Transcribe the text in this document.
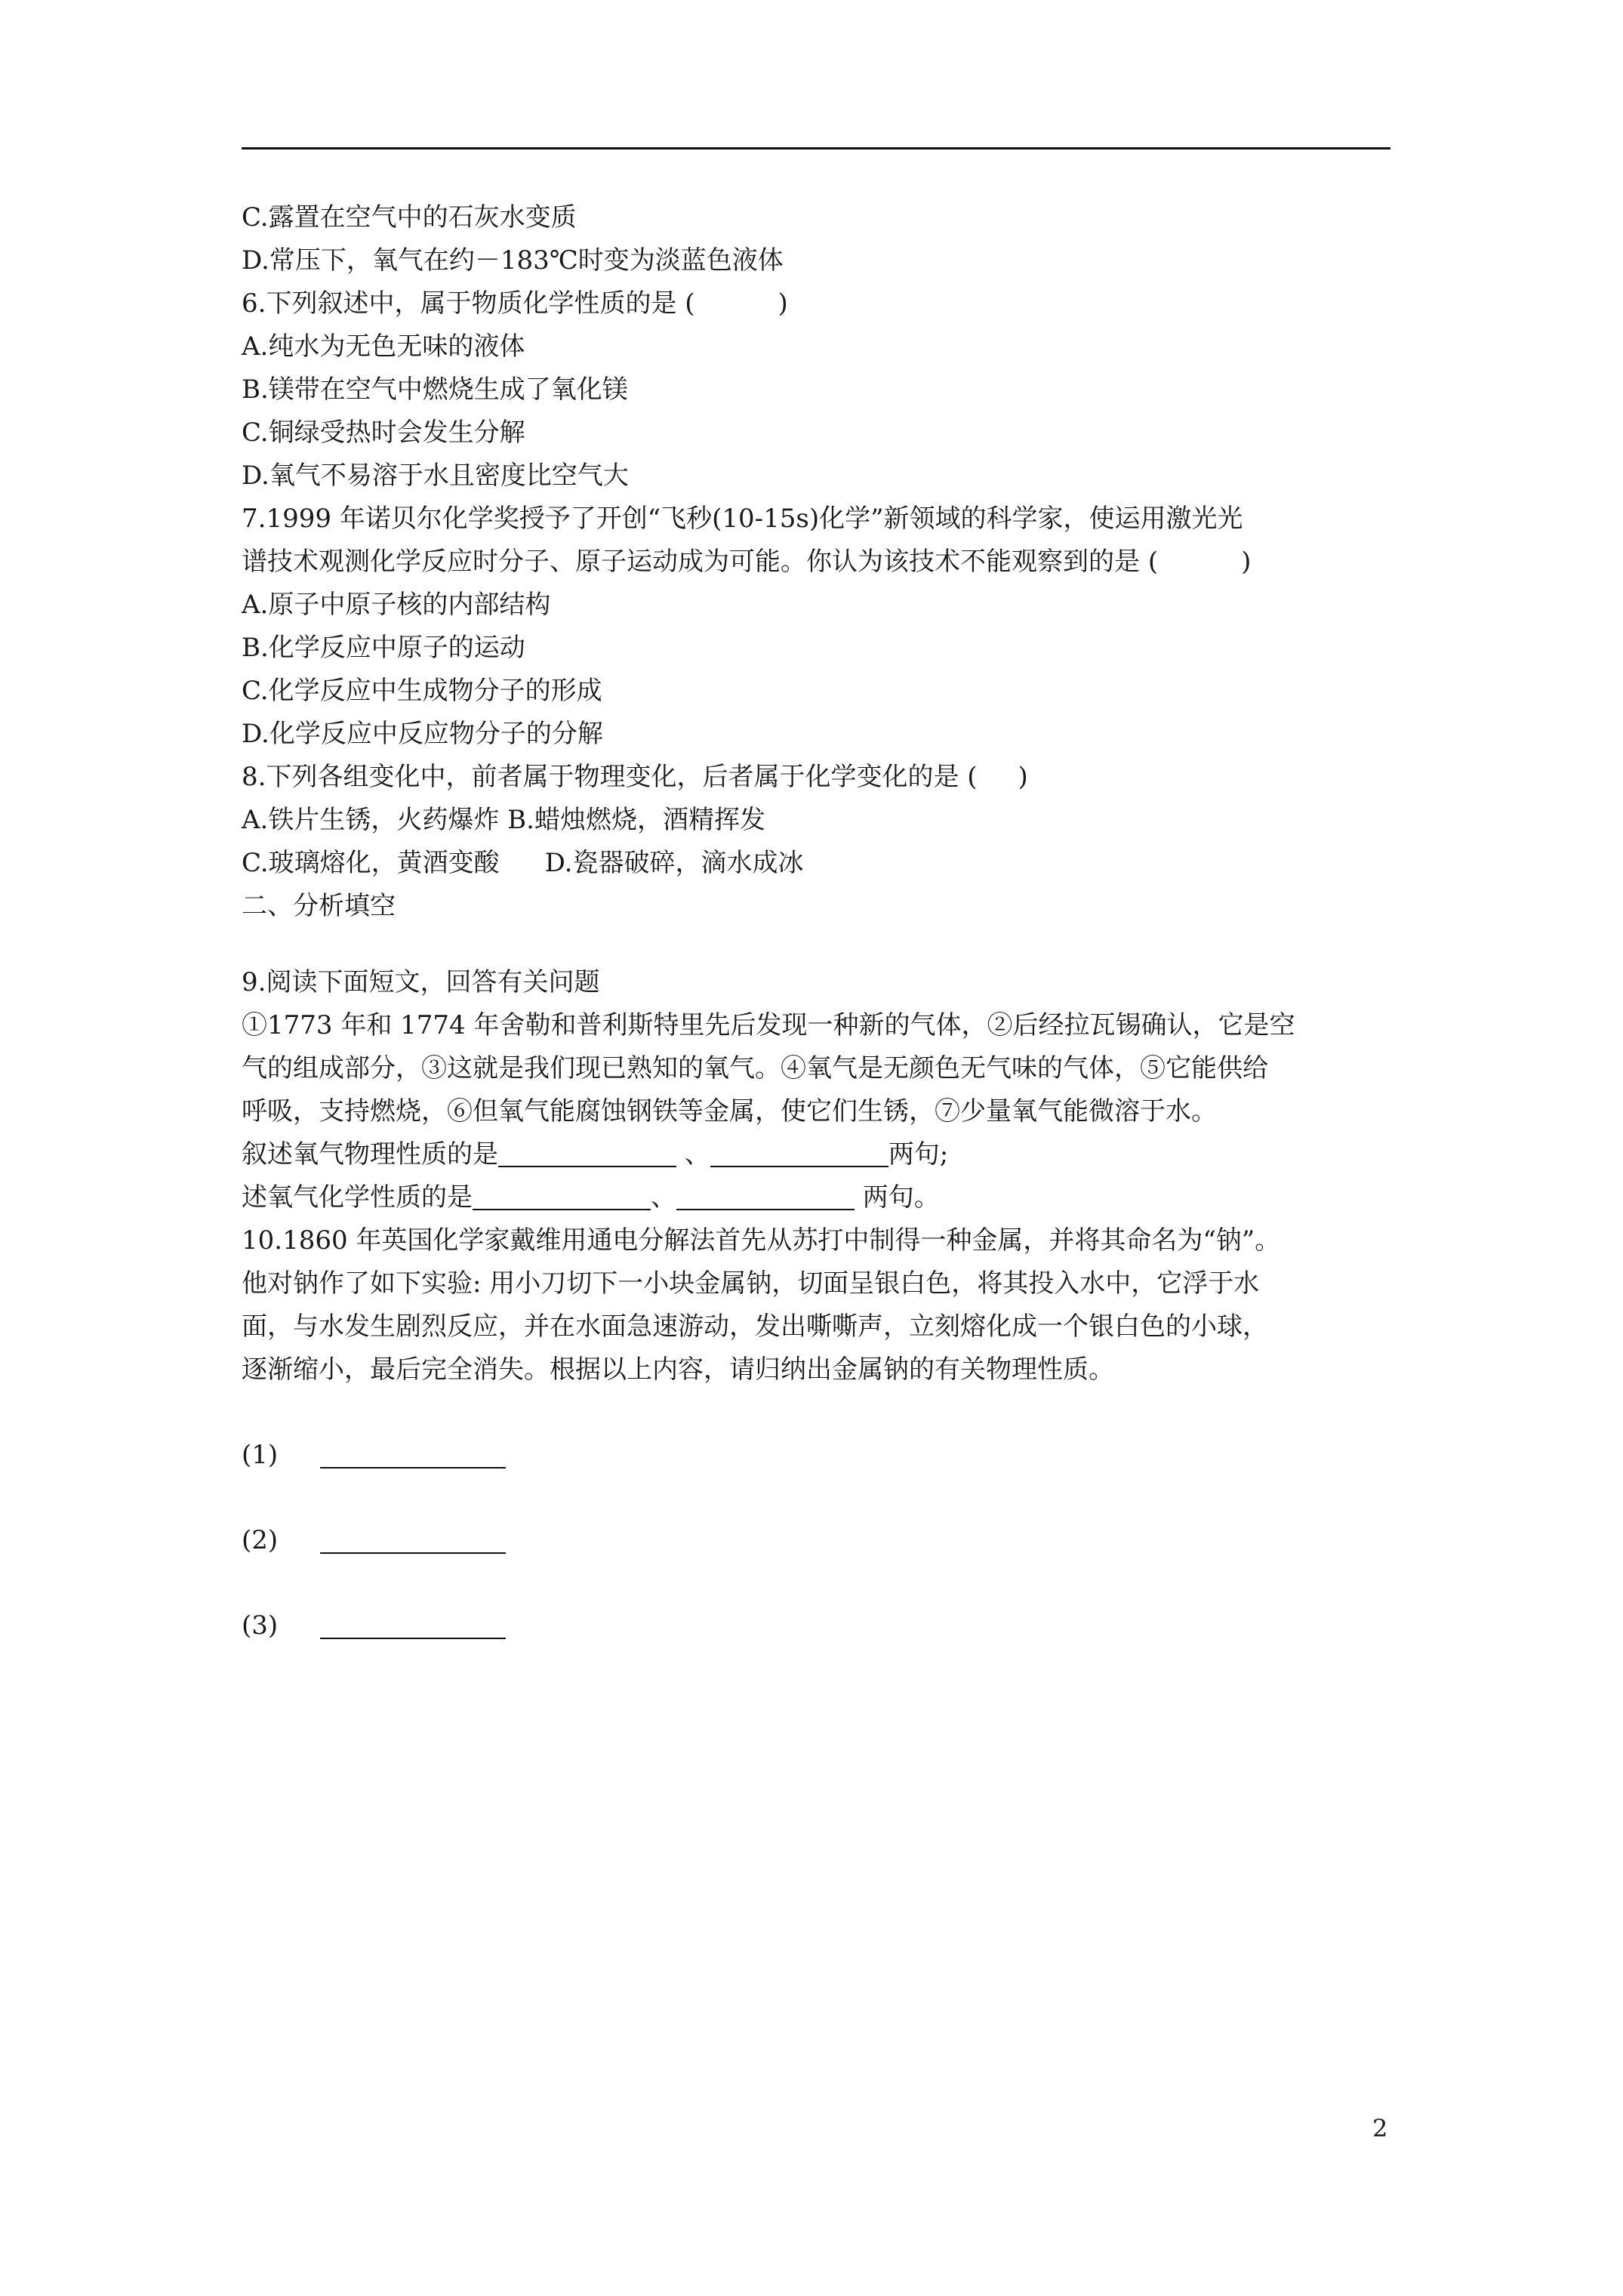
C.露置在空气中的石灰水变质
D.常压下，氧气在约－183℃时变为淡蓝色液体
6.下列叙述中，属于物质化学性质的是 (	)
A.纯水为无色无味的液体
B.镁带在空气中燃烧生成了氧化镁
C.铜绿受热时会发生分解
D.氧气不易溶于水且密度比空气大
7.1999 年诺贝尔化学奖授予了开创“飞秒(10-15s)化学”新领域的科学家，使运用激光光
谱技术观测化学反应时分子、原子运动成为可能。你认为该技术不能观察到的是 (	)
A.原子中原子核的内部结构
B.化学反应中原子的运动
C.化学反应中生成物分子的形成
D.化学反应中反应物分子的分解
8.下列各组变化中，前者属于物理变化，后者属于化学变化的是 ( )
A.铁片生锈，火药爆炸 B.蜡烛燃烧，酒精挥发
C.玻璃熔化，黄酒变酸 D.瓷器破碎，滴水成冰
二、分析填空
9.阅读下面短文，回答有关问题
①1773 年和 1774 年舍勒和普利斯特里先后发现一种新的气体，②后经拉瓦锡确认，它是空
气的组成部分，③这就是我们现已熟知的氧气。④氧气是无颜色无气味的气体，⑤它能供给
呼吸，支持燃烧，⑥但氧气能腐蚀钢铁等金属，使它们生锈，⑦少量氧气能微溶于水。
叙述氧气物理性质的是	、	两句;
述氧气化学性质的是	、	两句。
10.1860 年英国化学家戴维用通电分解法首先从苏打中制得一种金属，并将其命名为“钠”。
他对钠作了如下实验: 用小刀切下一小块金属钠，切面呈银白色，将其投入水中，它浮于水
面，与水发生剧烈反应，并在水面急速游动，发出嘶嘶声，立刻熔化成一个银白色的小球，
逐渐缩小，最后完全消失。根据以上内容，请归纳出金属钠的有关物理性质。
(1)
(2)
(3)
2
